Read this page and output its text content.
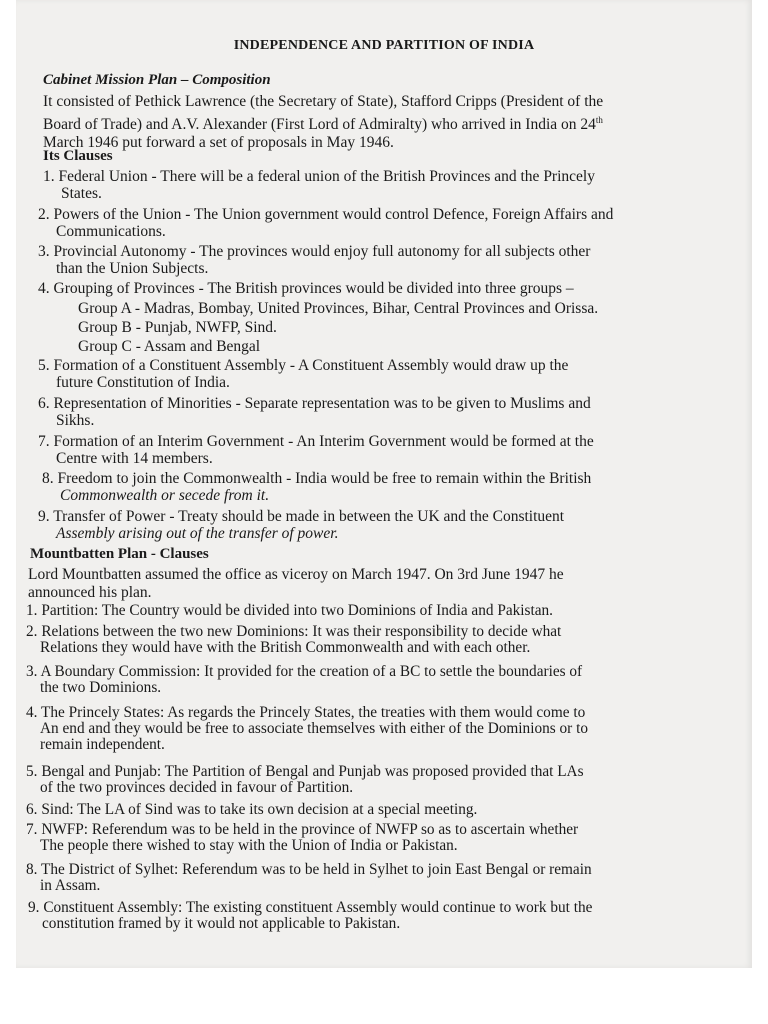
INDEPENDENCE AND PARTITION OF INDIA
Cabinet Mission Plan – Composition
It consisted of Pethick Lawrence (the Secretary of State), Stafford Cripps (President of the
Board of Trade) and A.V. Alexander (First Lord of Admiralty) who arrived in India on 24th
March 1946 put forward a set of proposals in May 1946.
Its Clauses
1. Federal Union - There will be a federal union of the British Provinces and the Princely
States.
2. Powers of the Union - The Union government would control Defence, Foreign Affairs and
Communications.
3. Provincial Autonomy - The provinces would enjoy full autonomy for all subjects other
than the Union Subjects.
4. Grouping of Provinces - The British provinces would be divided into three groups –
Group A - Madras, Bombay, United Provinces, Bihar, Central Provinces and Orissa.
Group B - Punjab, NWFP, Sind.
Group C - Assam and Bengal
5. Formation of a Constituent Assembly - A Constituent Assembly would draw up the
future Constitution of India.
6. Representation of Minorities - Separate representation was to be given to Muslims and
Sikhs.
7. Formation of an Interim Government - An Interim Government would be formed at the
Centre with 14 members.
8. Freedom to join the Commonwealth - India would be free to remain within the British
Commonwealth or secede from it.
9. Transfer of Power - Treaty should be made in between the UK and the Constituent
Assembly arising out of the transfer of power.
Mountbatten Plan - Clauses
Lord Mountbatten assumed the office as viceroy on March 1947. On 3rd June 1947 he
announced his plan.
1. Partition: The Country would be divided into two Dominions of India and Pakistan.
2. Relations between the two new Dominions: It was their responsibility to decide what
Relations they would have with the British Commonwealth and with each other.
3. A Boundary Commission: It provided for the creation of a BC to settle the boundaries of
the two Dominions.
4. The Princely States: As regards the Princely States, the treaties with them would come to
An end and they would be free to associate themselves with either of the Dominions or to
remain independent.
5. Bengal and Punjab: The Partition of Bengal and Punjab was proposed provided that LAs
of the two provinces decided in favour of Partition.
6. Sind: The LA of Sind was to take its own decision at a special meeting.
7. NWFP: Referendum was to be held in the province of NWFP so as to ascertain whether
The people there wished to stay with the Union of India or Pakistan.
8. The District of Sylhet: Referendum was to be held in Sylhet to join East Bengal or remain
in Assam.
9. Constituent Assembly: The existing constituent Assembly would continue to work but the
constitution framed by it would not applicable to Pakistan.
